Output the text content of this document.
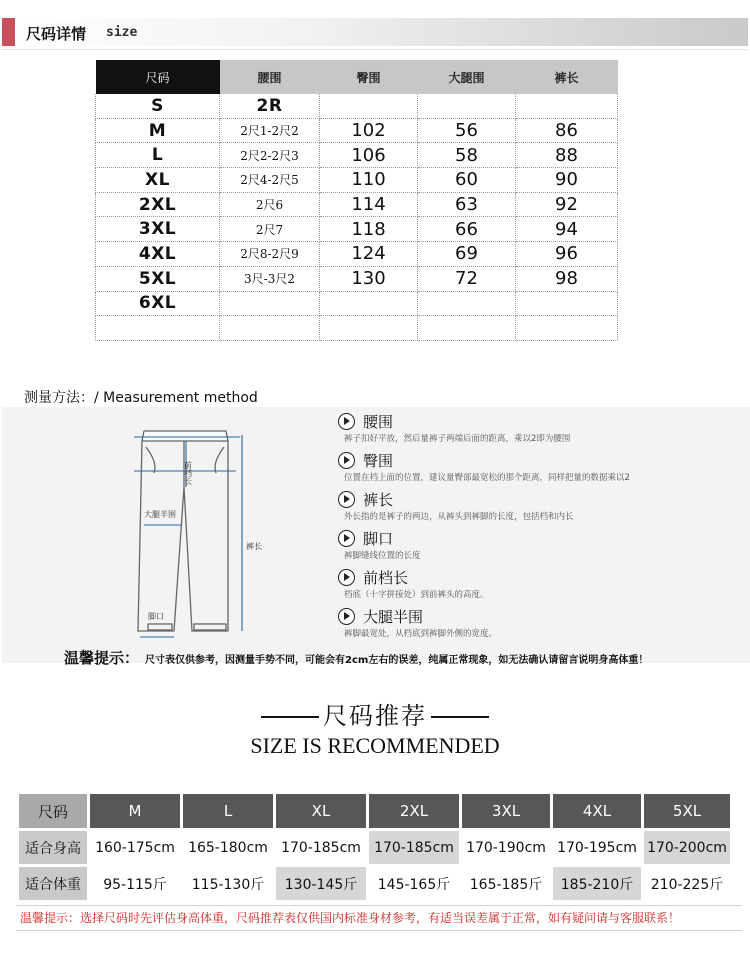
尺码详情 size
尺码	腰围	臀围	大腿围	裤长
S	2R			
M	2尺1-2尺2	102	56	86
L	2尺2-2尺3	106	58	88
XL	2尺4-2尺5	110	60	90
2XL	2尺6	114	63	92
3XL	2尺7	118	66	94
4XL	2尺8-2尺9	124	69	96
5XL	3尺-3尺2	130	72	98
6XL				

测量方法：/ Measurement method
前档长
大腿半围
裤长
脚口
腰围
裤子扣好平放，然后量裤子两端后面的距离，乘以2即为腰围
臀围
位置在档上面的位置，建议量臀部最宽松的那个距离，同样把量的数据乘以2
裤长
外长指的是裤子的两边，从裤头到裤脚的长度，包括档和内长
脚口
裤脚缝线位置的长度
前档长
档底（十字拼接处）到前裤头的高度。
大腿半围
裤脚最宽处，从档底到裤脚外侧的宽度。
温馨提示： 尺寸表仅供参考，因测量手势不同，可能会有2cm左右的误差，纯属正常现象，如无法确认请留言说明身高体重！
尺码推荐
SIZE IS RECOMMENDED
尺码	M	L	XL	2XL	3XL	4XL	5XL
适合身高	160-175cm	165-180cm	170-185cm	170-185cm	170-190cm	170-195cm	170-200cm
适合体重	95-115斤	115-130斤	130-145斤	145-165斤	165-185斤	185-210斤	210-225斤
温馨提示：选择尺码时先评估身高体重，尺码推荐表仅供国内标准身材参考，有适当误差属于正常，如有疑问请与客服联系！
